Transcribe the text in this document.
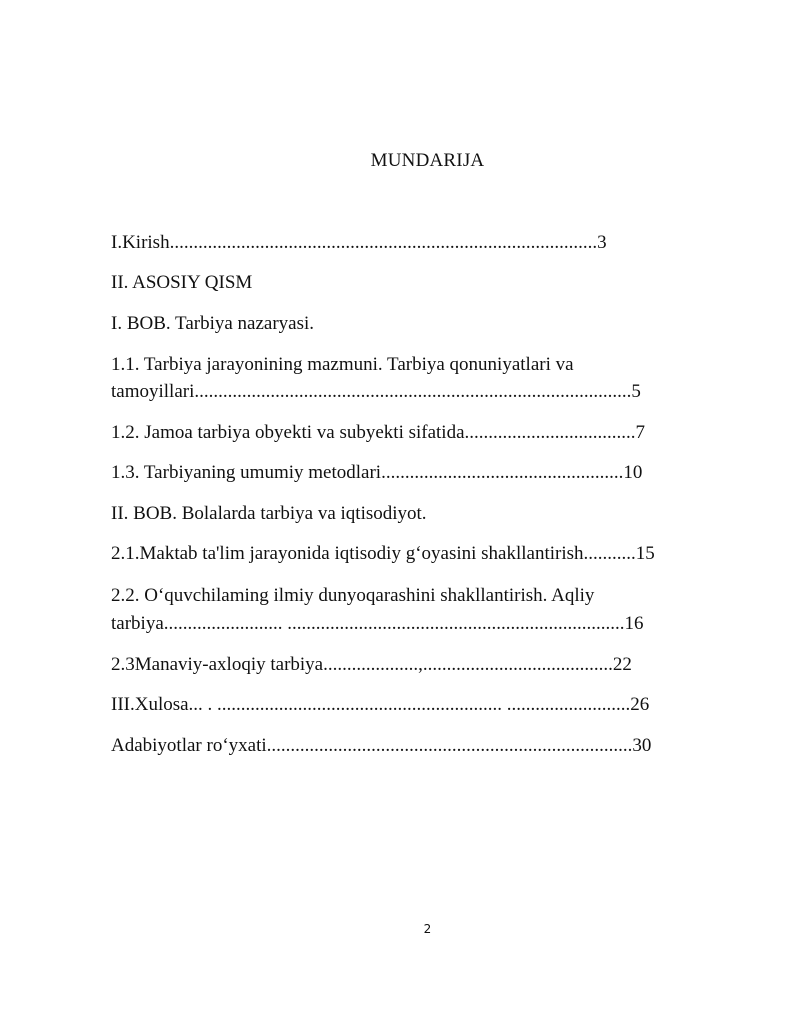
MUNDARIJA
I.Kirish..........................................................................................3
II. ASOSIY QISM
I. BOB. Tarbiya nazaryasi.
1.1. Tarbiya jarayonining mazmuni. Tarbiya qonuniyatlari va
tamoyillari............................................................................................5
1.2. Jamoa tarbiya obyekti va subyekti sifatida....................................7
1.3. Tarbiyaning umumiy metodlari...................................................10
II. BOB. Bolalarda tarbiya va iqtisodiyot.
2.1.Maktab ta'lim jarayonida iqtisodiy g‘oyasini shakllantirish...........15
2.2. O‘quvchilaming ilmiy dunyoqarashini shakllantirish. Aqliy
tarbiya......................... .......................................................................16
2.3Manaviy-axloqiy tarbiya....................,........................................22
III.Xulosa... . ............................................................ ..........................26
Adabiyotlar ro‘yxati.............................................................................30
2
